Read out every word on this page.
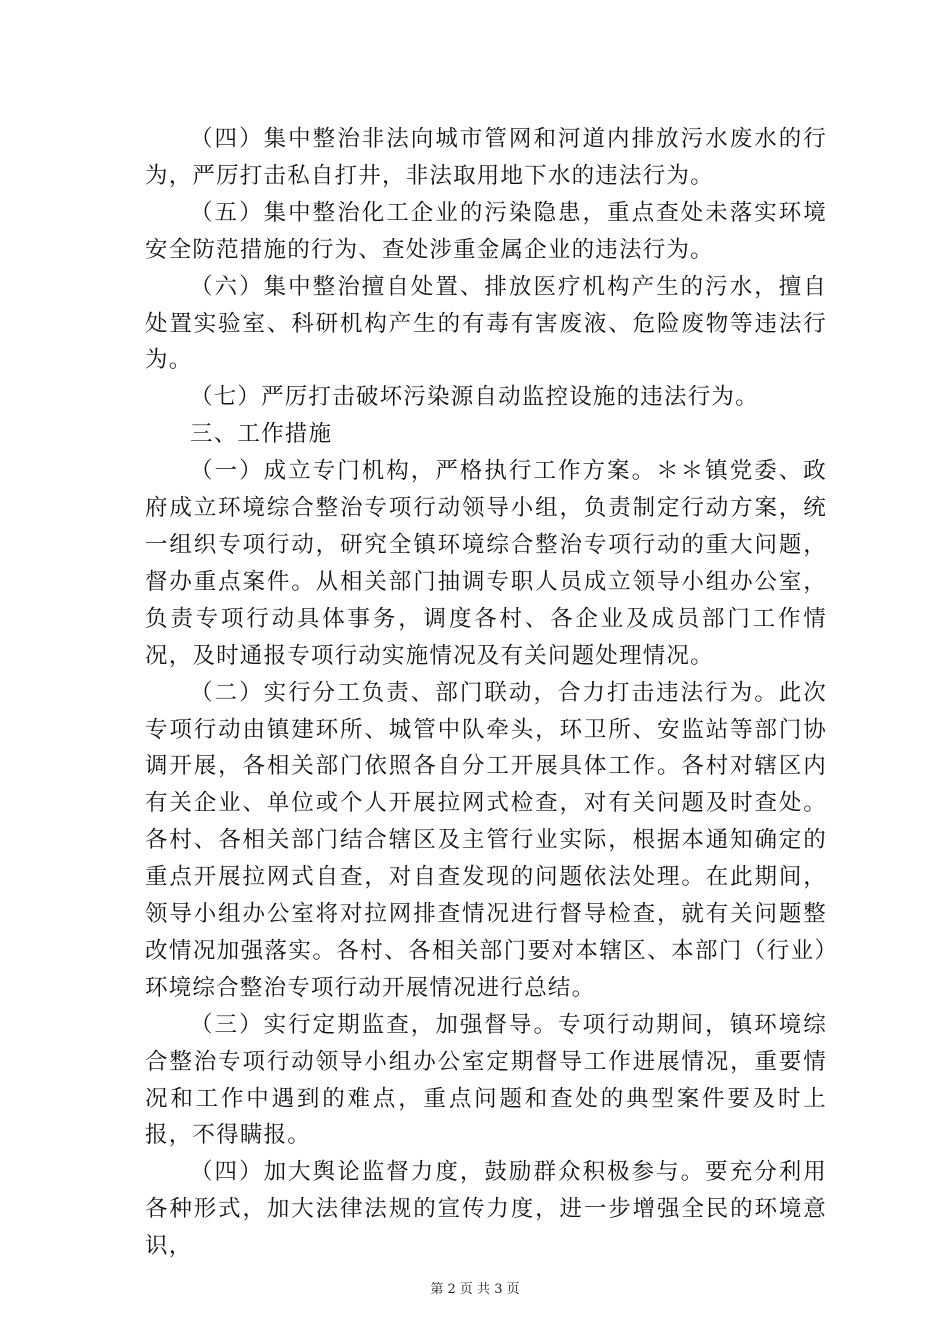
（四）集中整治非法向城市管网和河道内排放污水废水的行为，严厉打击私自打井，非法取用地下水的违法行为。

（五）集中整治化工企业的污染隐患，重点查处未落实环境安全防范措施的行为、查处涉重金属企业的违法行为。

（六）集中整治擅自处置、排放医疗机构产生的污水，擅自处置实验室、科研机构产生的有毒有害废液、危险废物等违法行为。

（七）严厉打击破坏污染源自动监控设施的违法行为。

三、工作措施

（一）成立专门机构，严格执行工作方案。＊＊镇党委、政府成立环境综合整治专项行动领导小组，负责制定行动方案，统一组织专项行动，研究全镇环境综合整治专项行动的重大问题，督办重点案件。从相关部门抽调专职人员成立领导小组办公室，负责专项行动具体事务，调度各村、各企业及成员部门工作情况，及时通报专项行动实施情况及有关问题处理情况。

（二）实行分工负责、部门联动，合力打击违法行为。此次专项行动由镇建环所、城管中队牵头，环卫所、安监站等部门协调开展，各相关部门依照各自分工开展具体工作。各村对辖区内有关企业、单位或个人开展拉网式检查，对有关问题及时查处。各村、各相关部门结合辖区及主管行业实际，根据本通知确定的重点开展拉网式自查，对自查发现的问题依法处理。在此期间，领导小组办公室将对拉网排查情况进行督导检查，就有关问题整改情况加强落实。各村、各相关部门要对本辖区、本部门（行业）环境综合整治专项行动开展情况进行总结。

（三）实行定期监查，加强督导。专项行动期间，镇环境综合整治专项行动领导小组办公室定期督导工作进展情况，重要情况和工作中遇到的难点，重点问题和查处的典型案件要及时上报，不得瞒报。

（四）加大舆论监督力度，鼓励群众积极参与。要充分利用各种形式，加大法律法规的宣传力度，进一步增强全民的环境意识，

第 2 页 共 3 页
